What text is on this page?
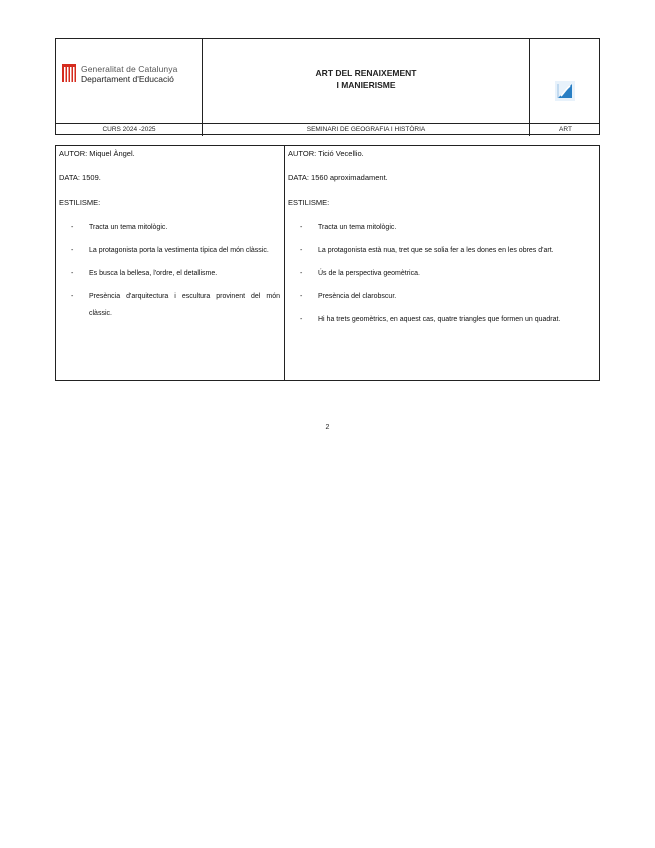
Generalitat de Catalunya
Departament d'Educació
ART DEL RENAIXEMENT
I MANIERISME
CURS 2024 -2025	SEMINARI DE GEOGRAFIA I HISTÒRIA	ART
AUTOR: Miquel Àngel.
DATA: 1509.
ESTILISME:
- Tracta un tema mitològic.
- La protagonista porta la vestimenta típica del món clàssic.
- Es busca la bellesa, l'ordre, el detallisme.
- Presència d'arquitectura i escultura provinent del món clàssic.
AUTOR: Tició Vecellio.
DATA: 1560 aproximadament.
ESTILISME:
- Tracta un tema mitològic.
- La protagonista està nua, tret que se solia fer a les dones en les obres d'art.
- Ús de la perspectiva geomètrica.
- Presència del clarobscur.
- Hi ha trets geomètrics, en aquest cas, quatre triangles que formen un quadrat.
2
